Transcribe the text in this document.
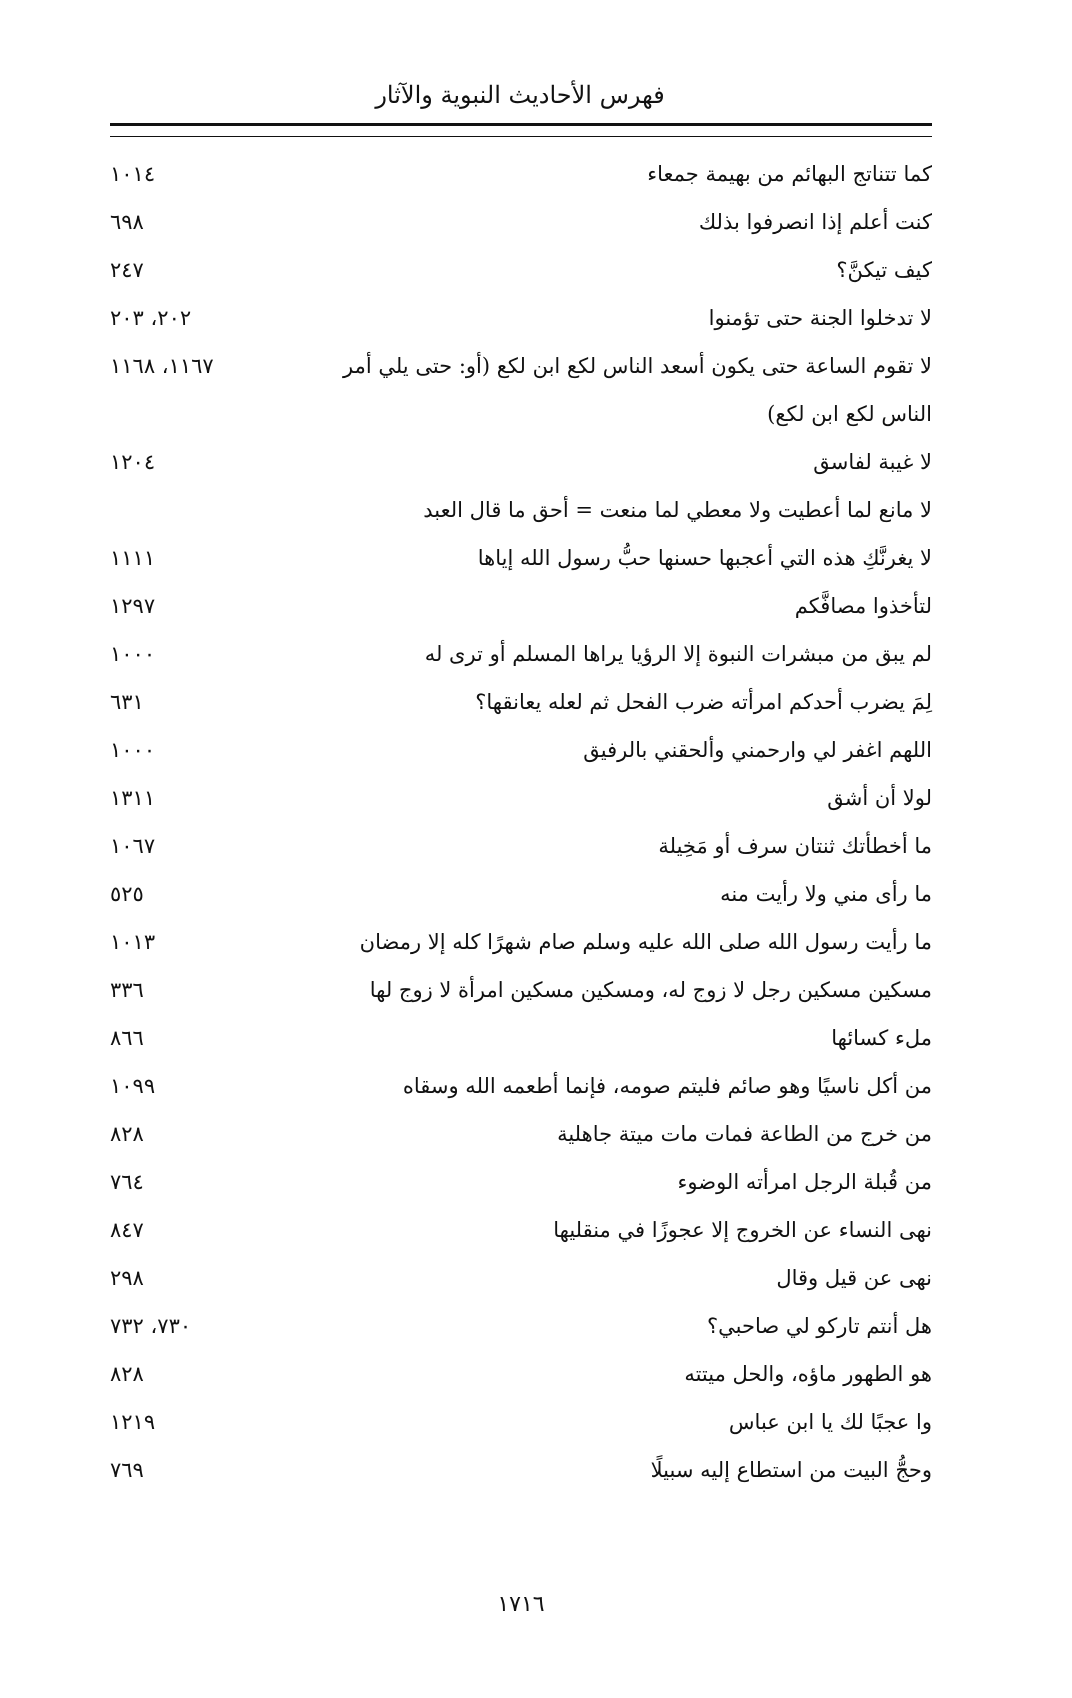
فهرس الأحاديث النبوية والآثار
كما تتناتج البهائم من بهيمة جمعاء
١٠١٤
كنت أعلم إذا انصرفوا بذلك
٦٩٨
كيف تيكنَّ؟
٢٤٧
لا تدخلوا الجنة حتى تؤمنوا
٢٠٢، ٢٠٣
لا تقوم الساعة حتى يكون أسعد الناس لكع ابن لكع (أو: حتى يلي أمر الناس لكع ابن لكع)
١١٦٧، ١١٦٨
لا غيبة لفاسق
١٢٠٤
لا مانع لما أعطيت ولا معطي لما منعت = أحق ما قال العبد
لا يغرنَّكِ هذه التي أعجبها حسنها حبُّ رسول الله إياها
١١١١
لتأخذوا مصافَّكم
١٢٩٧
لم يبق من مبشرات النبوة إلا الرؤيا يراها المسلم أو ترى له
١٠٠٠
لِمَ يضرب أحدكم امرأته ضرب الفحل ثم لعله يعانقها؟
٦٣١
اللهم اغفر لي وارحمني وألحقني بالرفيق
١٠٠٠
لولا أن أشق
١٣١١
ما أخطأتك ثنتان سرف أو مَخِيلة
١٠٦٧
ما رأى مني ولا رأيت منه
٥٢٥
ما رأيت رسول الله صلى الله عليه وسلم صام شهرًا كله إلا رمضان
١٠١٣
مسكين مسكين رجل لا زوج له، ومسكين مسكين امرأة لا زوج لها
٣٣٦
ملء كسائها
٨٦٦
من أكل ناسيًا وهو صائم فليتم صومه، فإنما أطعمه الله وسقاه
١٠٩٩
من خرج من الطاعة فمات مات ميتة جاهلية
٨٢٨
من قُبلة الرجل امرأته الوضوء
٧٦٤
نهى النساء عن الخروج إلا عجوزًا في منقليها
٨٤٧
نهى عن قيل وقال
٢٩٨
هل أنتم تاركو لي صاحبي؟
٧٣٠، ٧٣٢
هو الطهور ماؤه، والحل ميتته
٨٢٨
وا عجبًا لك يا ابن عباس
١٢١٩
وحجُّ البيت من استطاع إليه سبيلًا
٧٦٩
١٧١٦
